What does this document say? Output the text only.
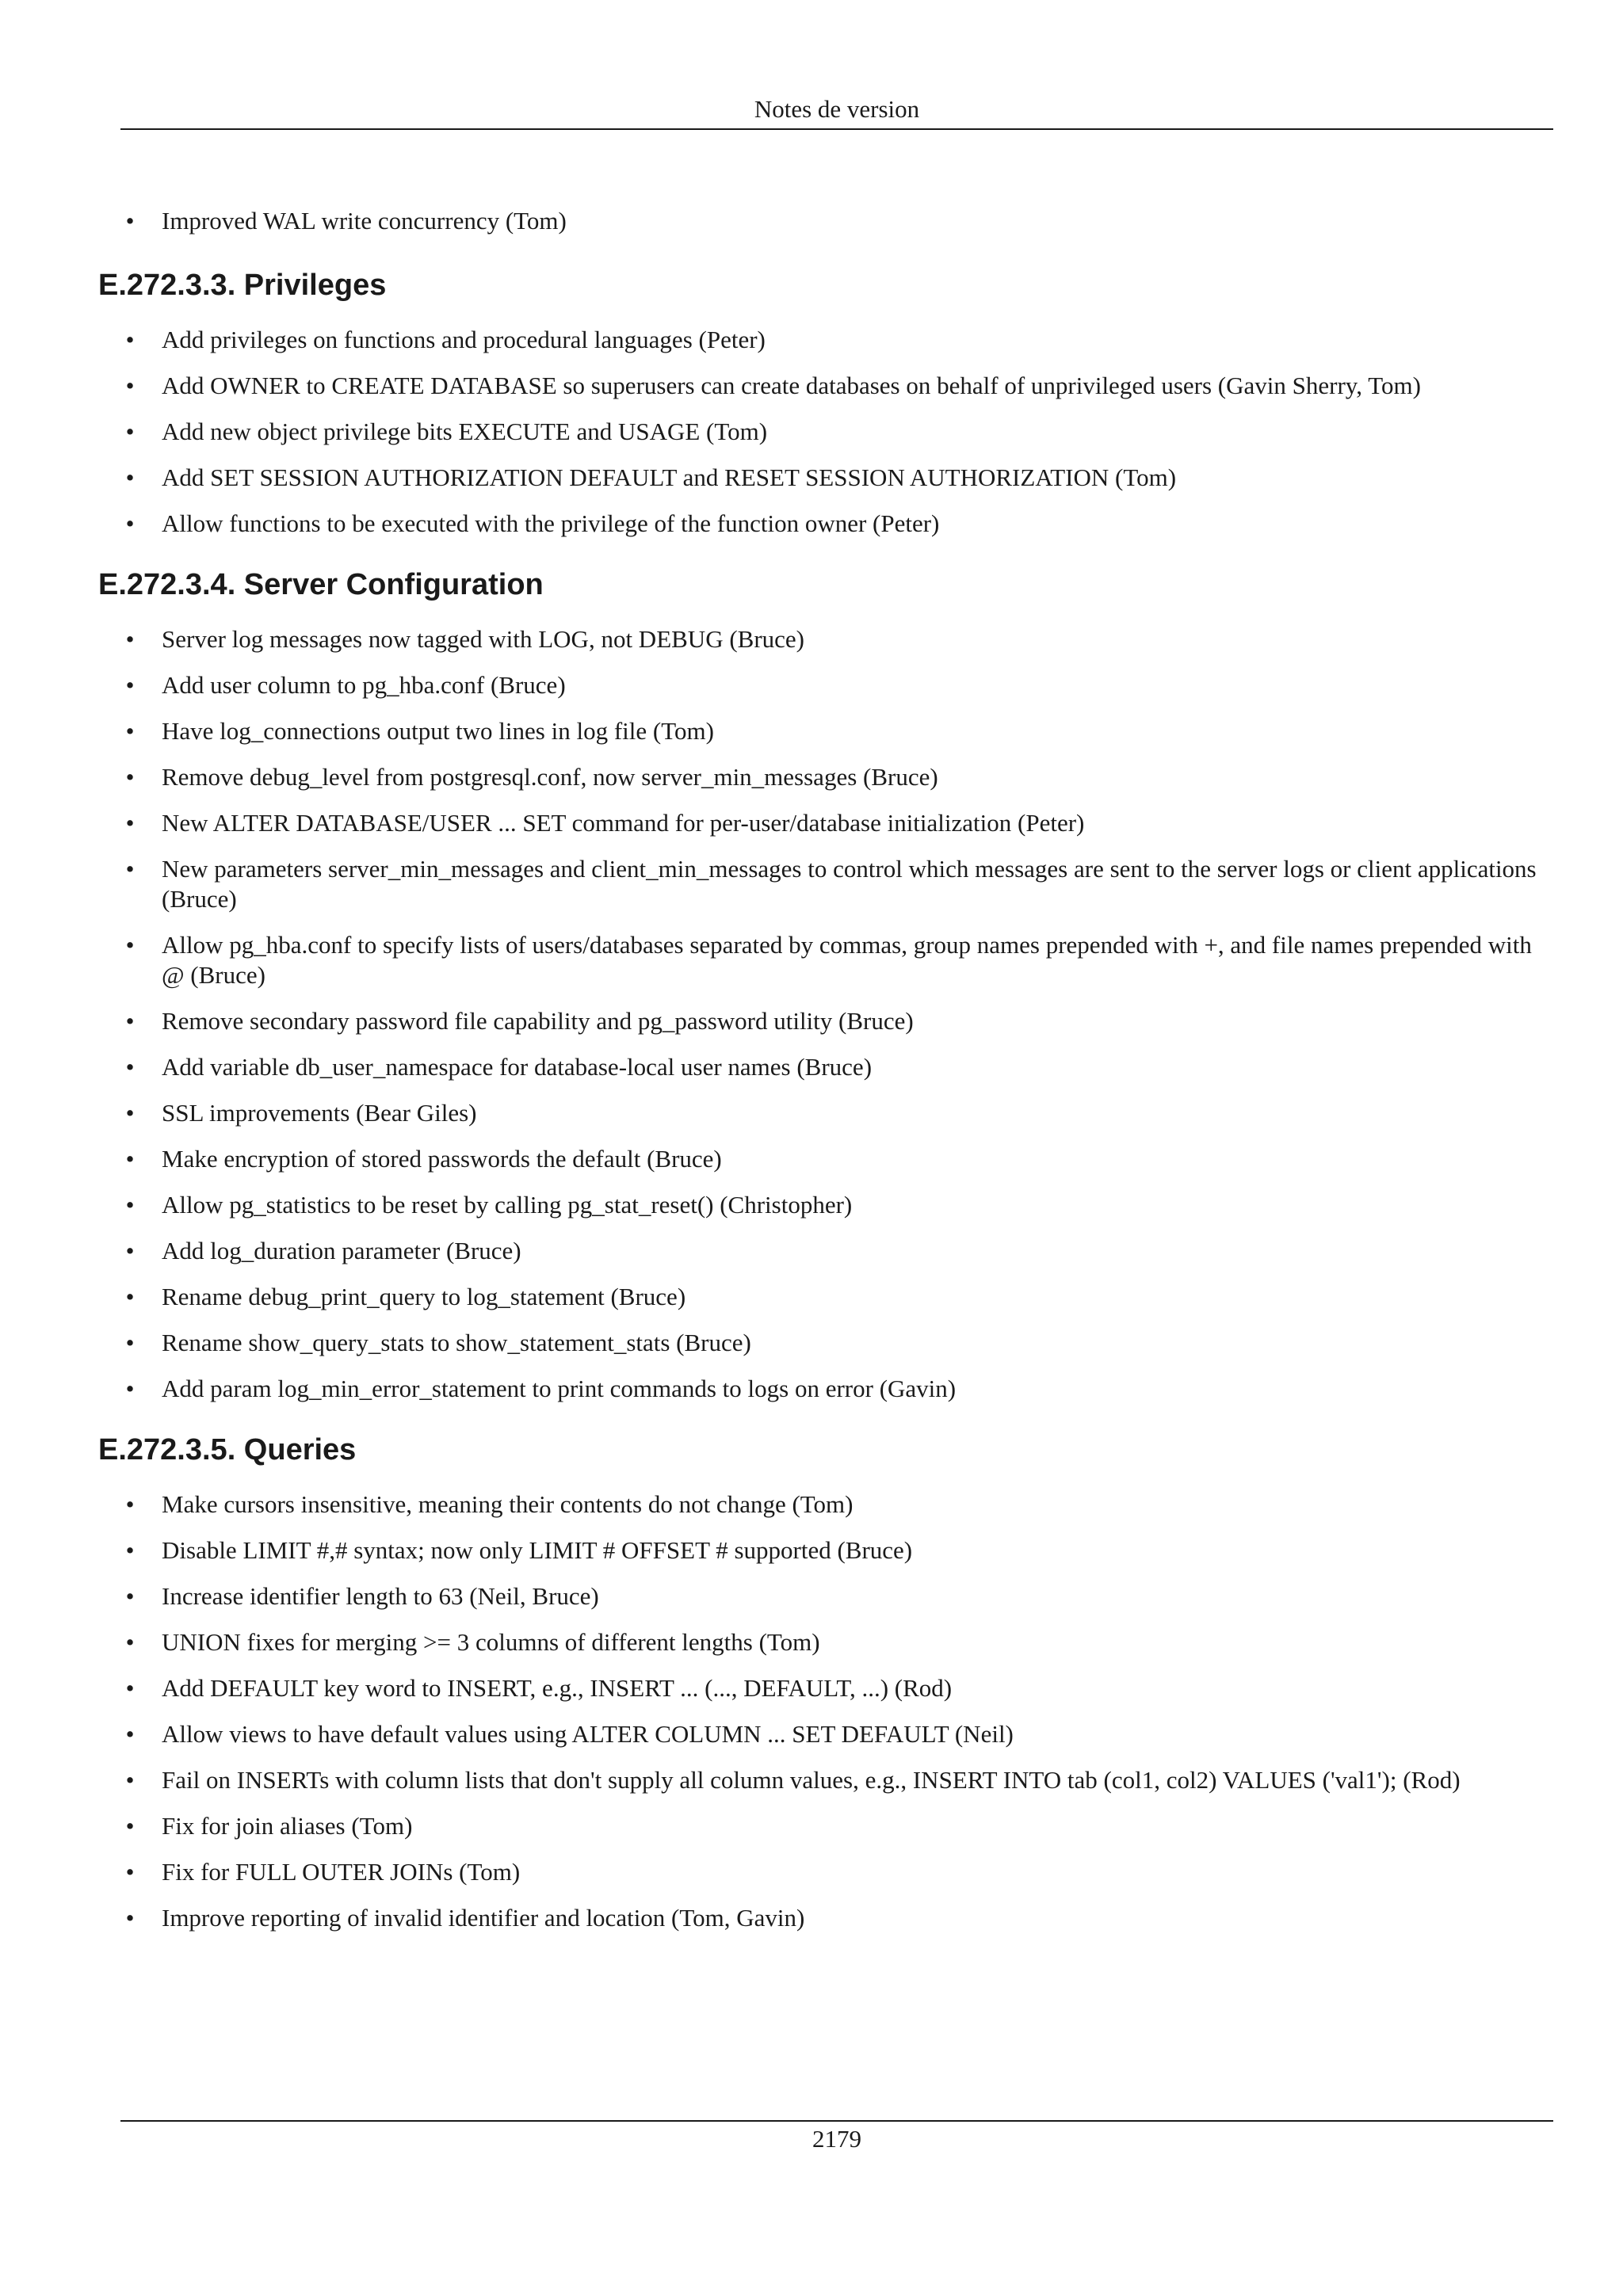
Notes de version
• Improved WAL write concurrency (Tom)
E.272.3.3. Privileges
• Add privileges on functions and procedural languages (Peter)
• Add OWNER to CREATE DATABASE so superusers can create databases on behalf of unprivileged users (Gavin Sherry, Tom)
• Add new object privilege bits EXECUTE and USAGE (Tom)
• Add SET SESSION AUTHORIZATION DEFAULT and RESET SESSION AUTHORIZATION (Tom)
• Allow functions to be executed with the privilege of the function owner (Peter)
E.272.3.4. Server Configuration
• Server log messages now tagged with LOG, not DEBUG (Bruce)
• Add user column to pg_hba.conf (Bruce)
• Have log_connections output two lines in log file (Tom)
• Remove debug_level from postgresql.conf, now server_min_messages (Bruce)
• New ALTER DATABASE/USER ... SET command for per-user/database initialization (Peter)
• New parameters server_min_messages and client_min_messages to control which messages are sent to the server logs or client applications (Bruce)
• Allow pg_hba.conf to specify lists of users/databases separated by commas, group names prepended with +, and file names prepended with @ (Bruce)
• Remove secondary password file capability and pg_password utility (Bruce)
• Add variable db_user_namespace for database-local user names (Bruce)
• SSL improvements (Bear Giles)
• Make encryption of stored passwords the default (Bruce)
• Allow pg_statistics to be reset by calling pg_stat_reset() (Christopher)
• Add log_duration parameter (Bruce)
• Rename debug_print_query to log_statement (Bruce)
• Rename show_query_stats to show_statement_stats (Bruce)
• Add param log_min_error_statement to print commands to logs on error (Gavin)
E.272.3.5. Queries
• Make cursors insensitive, meaning their contents do not change (Tom)
• Disable LIMIT #,# syntax; now only LIMIT # OFFSET # supported (Bruce)
• Increase identifier length to 63 (Neil, Bruce)
• UNION fixes for merging >= 3 columns of different lengths (Tom)
• Add DEFAULT key word to INSERT, e.g., INSERT ... (..., DEFAULT, ...) (Rod)
• Allow views to have default values using ALTER COLUMN ... SET DEFAULT (Neil)
• Fail on INSERTs with column lists that don't supply all column values, e.g., INSERT INTO tab (col1, col2) VALUES ('val1'); (Rod)
• Fix for join aliases (Tom)
• Fix for FULL OUTER JOINs (Tom)
• Improve reporting of invalid identifier and location (Tom, Gavin)
2179
